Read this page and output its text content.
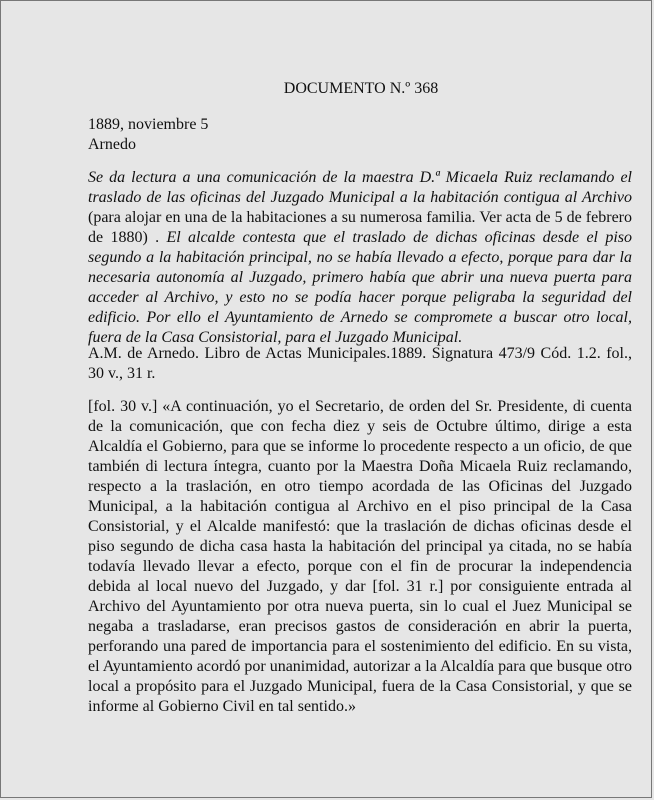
DOCUMENTO N.º 368
1889, noviembre 5
Arnedo

Se da lectura a una comunicación de la maestra D.ª Micaela Ruiz reclamando el traslado de las oficinas del Juzgado Municipal a la habitación contigua al Archivo (para alojar en una de la habitaciones a su numerosa familia. Ver acta de 5 de febrero de 1880) . El alcalde contesta que el traslado de dichas oficinas desde el piso segundo a la habitación principal, no se había llevado a efecto, porque para dar la necesaria autonomía al Juzgado, primero había que abrir una nueva puerta para acceder al Archivo, y esto no se podía hacer porque peligraba la seguridad del edificio. Por ello el Ayuntamiento de Arnedo se compromete a buscar otro local, fuera de la Casa Consistorial, para el Juzgado Municipal.

A.M. de Arnedo. Libro de Actas Municipales.1889. Signatura 473/9 Cód. 1.2. fol., 30 v., 31 r.

[fol. 30 v.] «A continuación, yo el Secretario, de orden del Sr. Presidente, di cuenta de la comunicación, que con fecha diez y seis de Octubre último, dirige a esta Alcaldía el Gobierno, para que se informe lo procedente respecto a un oficio, de que también di lectura íntegra, cuanto por la Maestra Doña Micaela Ruiz reclamando, respecto a la traslación, en otro tiempo acordada de las Oficinas del Juzgado Municipal, a la habitación contigua al Archivo en el piso principal de la Casa Consistorial, y el Alcalde manifestó: que la traslación de dichas oficinas desde el piso segundo de dicha casa hasta la habitación del principal ya citada, no se había todavía llevado llevar a efecto, porque con el fin de procurar la independencia debida al local nuevo del Juzgado, y dar [fol. 31 r.] por consiguiente entrada al Archivo del Ayuntamiento por otra nueva puerta, sin lo cual el Juez Municipal se negaba a trasladarse, eran precisos gastos de consideración en abrir la puerta, perforando una pared de importancia para el sostenimiento del edificio. En su vista, el Ayuntamiento acordó por unanimidad, autorizar a la Alcaldía para que busque otro local a propósito para el Juzgado Municipal, fuera de la Casa Consistorial, y que se informe al Gobierno Civil en tal sentido.»
